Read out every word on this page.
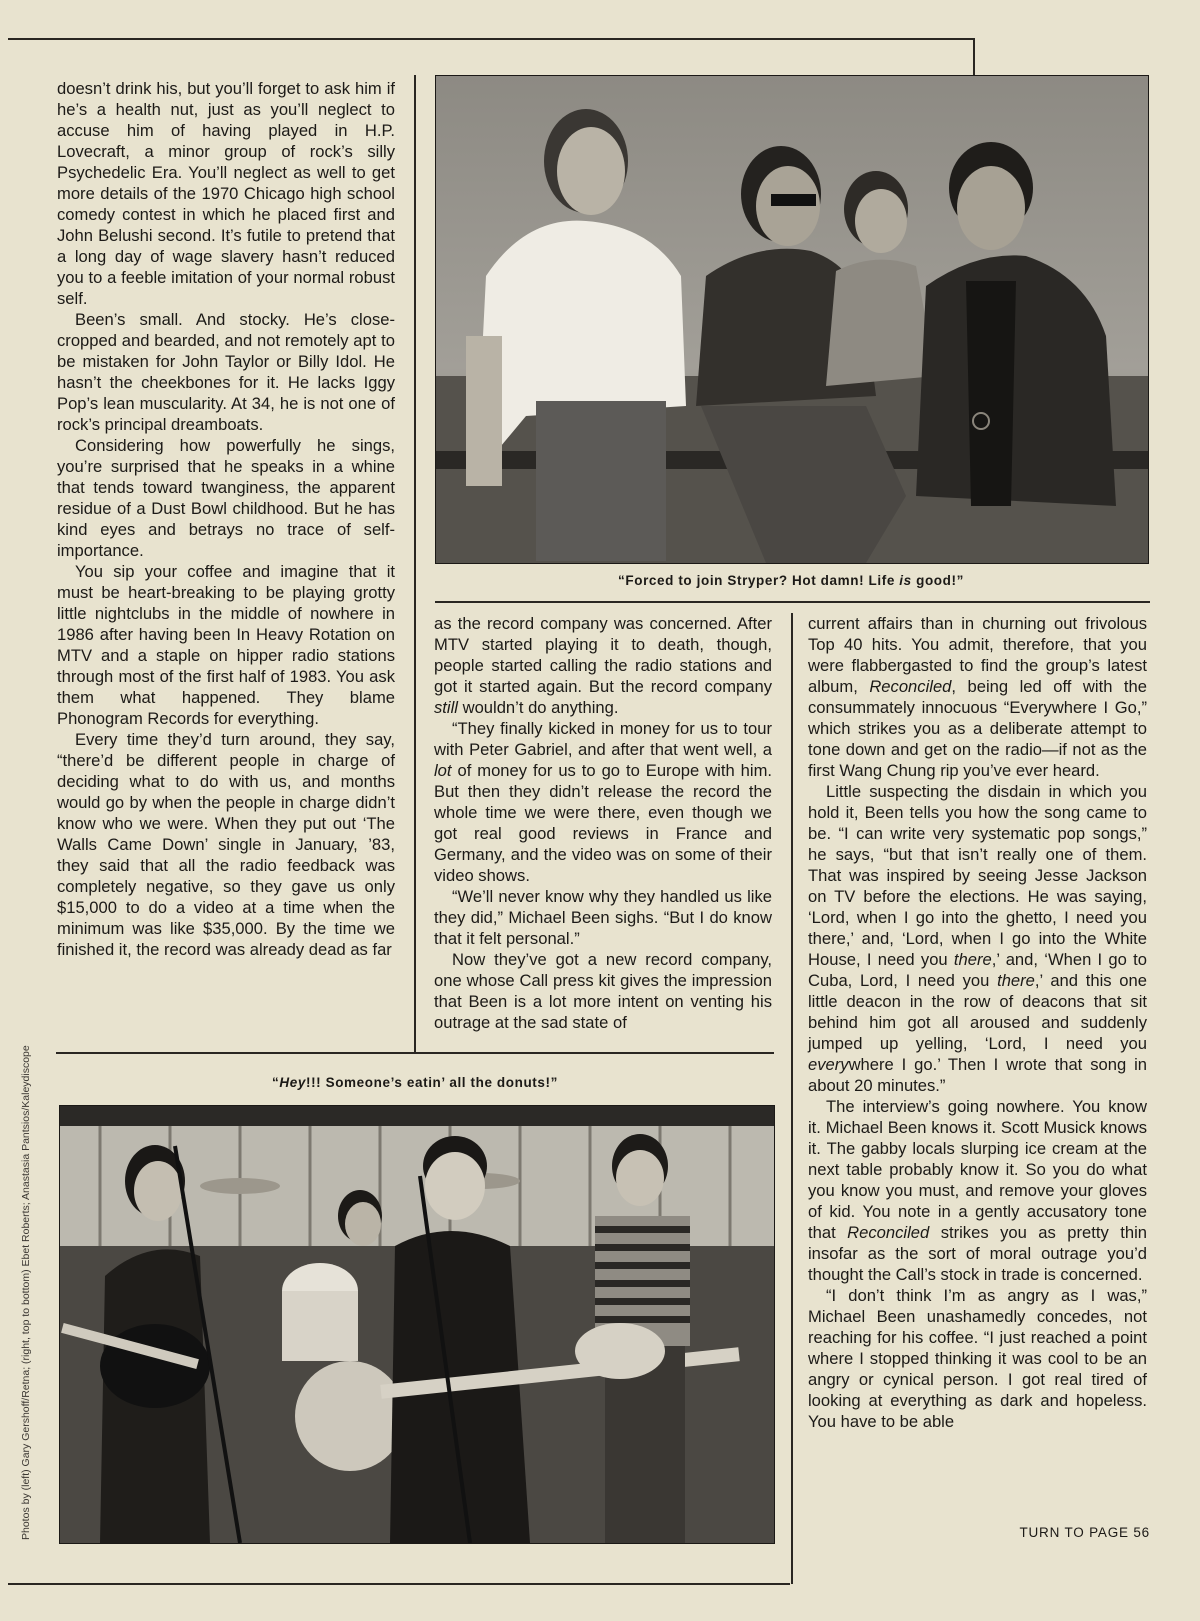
doesn’t drink his, but you’ll forget to ask him if he’s a health nut, just as you’ll neglect to accuse him of having played in H.P. Lovecraft, a minor group of rock’s silly Psychedelic Era. You’ll neglect as well to get more details of the 1970 Chicago high school comedy contest in which he placed first and John Belushi second. It’s futile to pretend that a long day of wage slavery hasn’t reduced you to a feeble imitation of your normal robust self.

Been’s small. And stocky. He’s close-cropped and bearded, and not remotely apt to be mistaken for John Taylor or Billy Idol. He hasn’t the cheekbones for it. He lacks Iggy Pop’s lean muscularity. At 34, he is not one of rock’s principal dreamboats.

Considering how powerfully he sings, you’re surprised that he speaks in a whine that tends toward twanginess, the apparent residue of a Dust Bowl childhood. But he has kind eyes and betrays no trace of self-importance.

You sip your coffee and imagine that it must be heart-breaking to be playing grotty little nightclubs in the middle of nowhere in 1986 after having been In Heavy Rotation on MTV and a staple on hipper radio stations through most of the first half of 1983. You ask them what happened. They blame Phonogram Records for everything.

Every time they’d turn around, they say, “there’d be different people in charge of deciding what to do with us, and months would go by when the people in charge didn’t know who we were. When they put out ‘The Walls Came Down’ single in January, ’83, they said that all the radio feedback was completely negative, so they gave us only $15,000 to do a video at a time when the minimum was like $35,000. By the time we finished it, the record was already dead as far

as the record company was concerned. After MTV started playing it to death, though, people started calling the radio stations and got it started again. But the record company still wouldn’t do anything.

“They finally kicked in money for us to tour with Peter Gabriel, and after that went well, a lot of money for us to go to Europe with him. But then they didn’t release the record the whole time we were there, even though we got real good reviews in France and Germany, and the video was on some of their video shows.

“We’ll never know why they handled us like they did,” Michael Been sighs. “But I do know that it felt personal.”

Now they’ve got a new record company, one whose Call press kit gives the impression that Been is a lot more intent on venting his outrage at the sad state of

current affairs than in churning out frivolous Top 40 hits. You admit, therefore, that you were flabbergasted to find the group’s latest album, Reconciled, being led off with the consummately innocuous “Everywhere I Go,” which strikes you as a deliberate attempt to tone down and get on the radio—if not as the first Wang Chung rip you’ve ever heard.

Little suspecting the disdain in which you hold it, Been tells you how the song came to be. “I can write very systematic pop songs,” he says, “but that isn’t really one of them. That was inspired by seeing Jesse Jackson on TV before the elections. He was saying, ‘Lord, when I go into the ghetto, I need you there,’ and, ‘Lord, when I go into the White House, I need you there,’ and, ‘When I go to Cuba, Lord, I need you there,’ and this one little deacon in the row of deacons that sit behind him got all aroused and suddenly jumped up yelling, ‘Lord, I need you everywhere I go.’ Then I wrote that song in about 20 minutes.”

The interview’s going nowhere. You know it. Michael Been knows it. Scott Musick knows it. The gabby locals slurping ice cream at the next table probably know it. So you do what you know you must, and remove your gloves of kid. You note in a gently accusatory tone that Reconciled strikes you as pretty thin insofar as the sort of moral outrage you’d thought the Call’s stock in trade is concerned.

“I don’t think I’m as angry as I was,” Michael Been unashamedly concedes, not reaching for his coffee. “I just reached a point where I stopped thinking it was cool to be an angry or cynical person. I got real tired of looking at everything as dark and hopeless. You have to be able

“Forced to join Stryper? Hot damn! Life is good!”
“Hey!!! Someone’s eatin’ all the donuts!”
Photos by (left) Gary Gershoff/Retna; (right, top to bottom) Ebet Roberts; Anastasia Pantsios/Kaleydiscope	TURN TO PAGE 56
